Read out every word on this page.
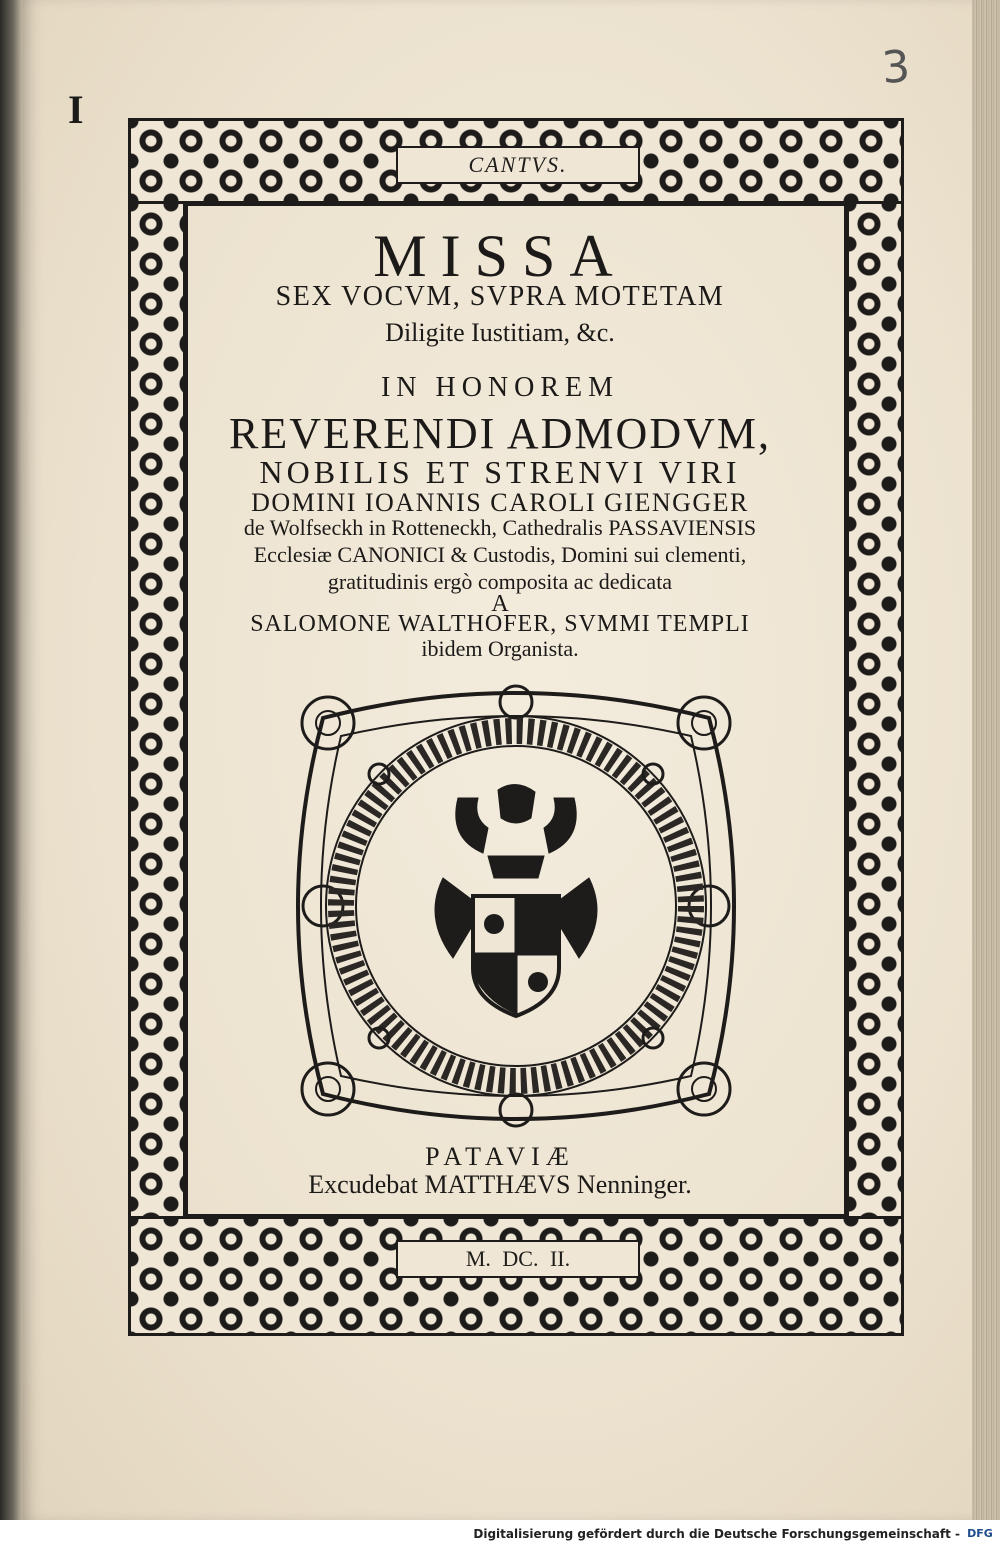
3
I
CANTVS.
M. DC. II.
MISSA
SEX VOCVM, SVPRA MOTETAM
Diligite Iustitiam, &c.
IN HONOREM
REVERENDI ADMODVM,
NOBILIS ET STRENVI VIRI
DOMINI IOANNIS CAROLI GIENGGER
de Wolfseckh in Rotteneckh, Cathedralis PASSAVIENSIS
Ecclesiæ CANONICI & Custodis, Domini sui clementi,
gratitudinis ergò composita ac dedicata
A
SALOMONE WALTHOFER, SVMMI TEMPLI
ibidem Organista.
PATAVIÆ
Excudebat MATTHÆVS Nenninger.
Digitalisierung gefördert durch die Deutsche Forschungsgemeinschaft - DFG
